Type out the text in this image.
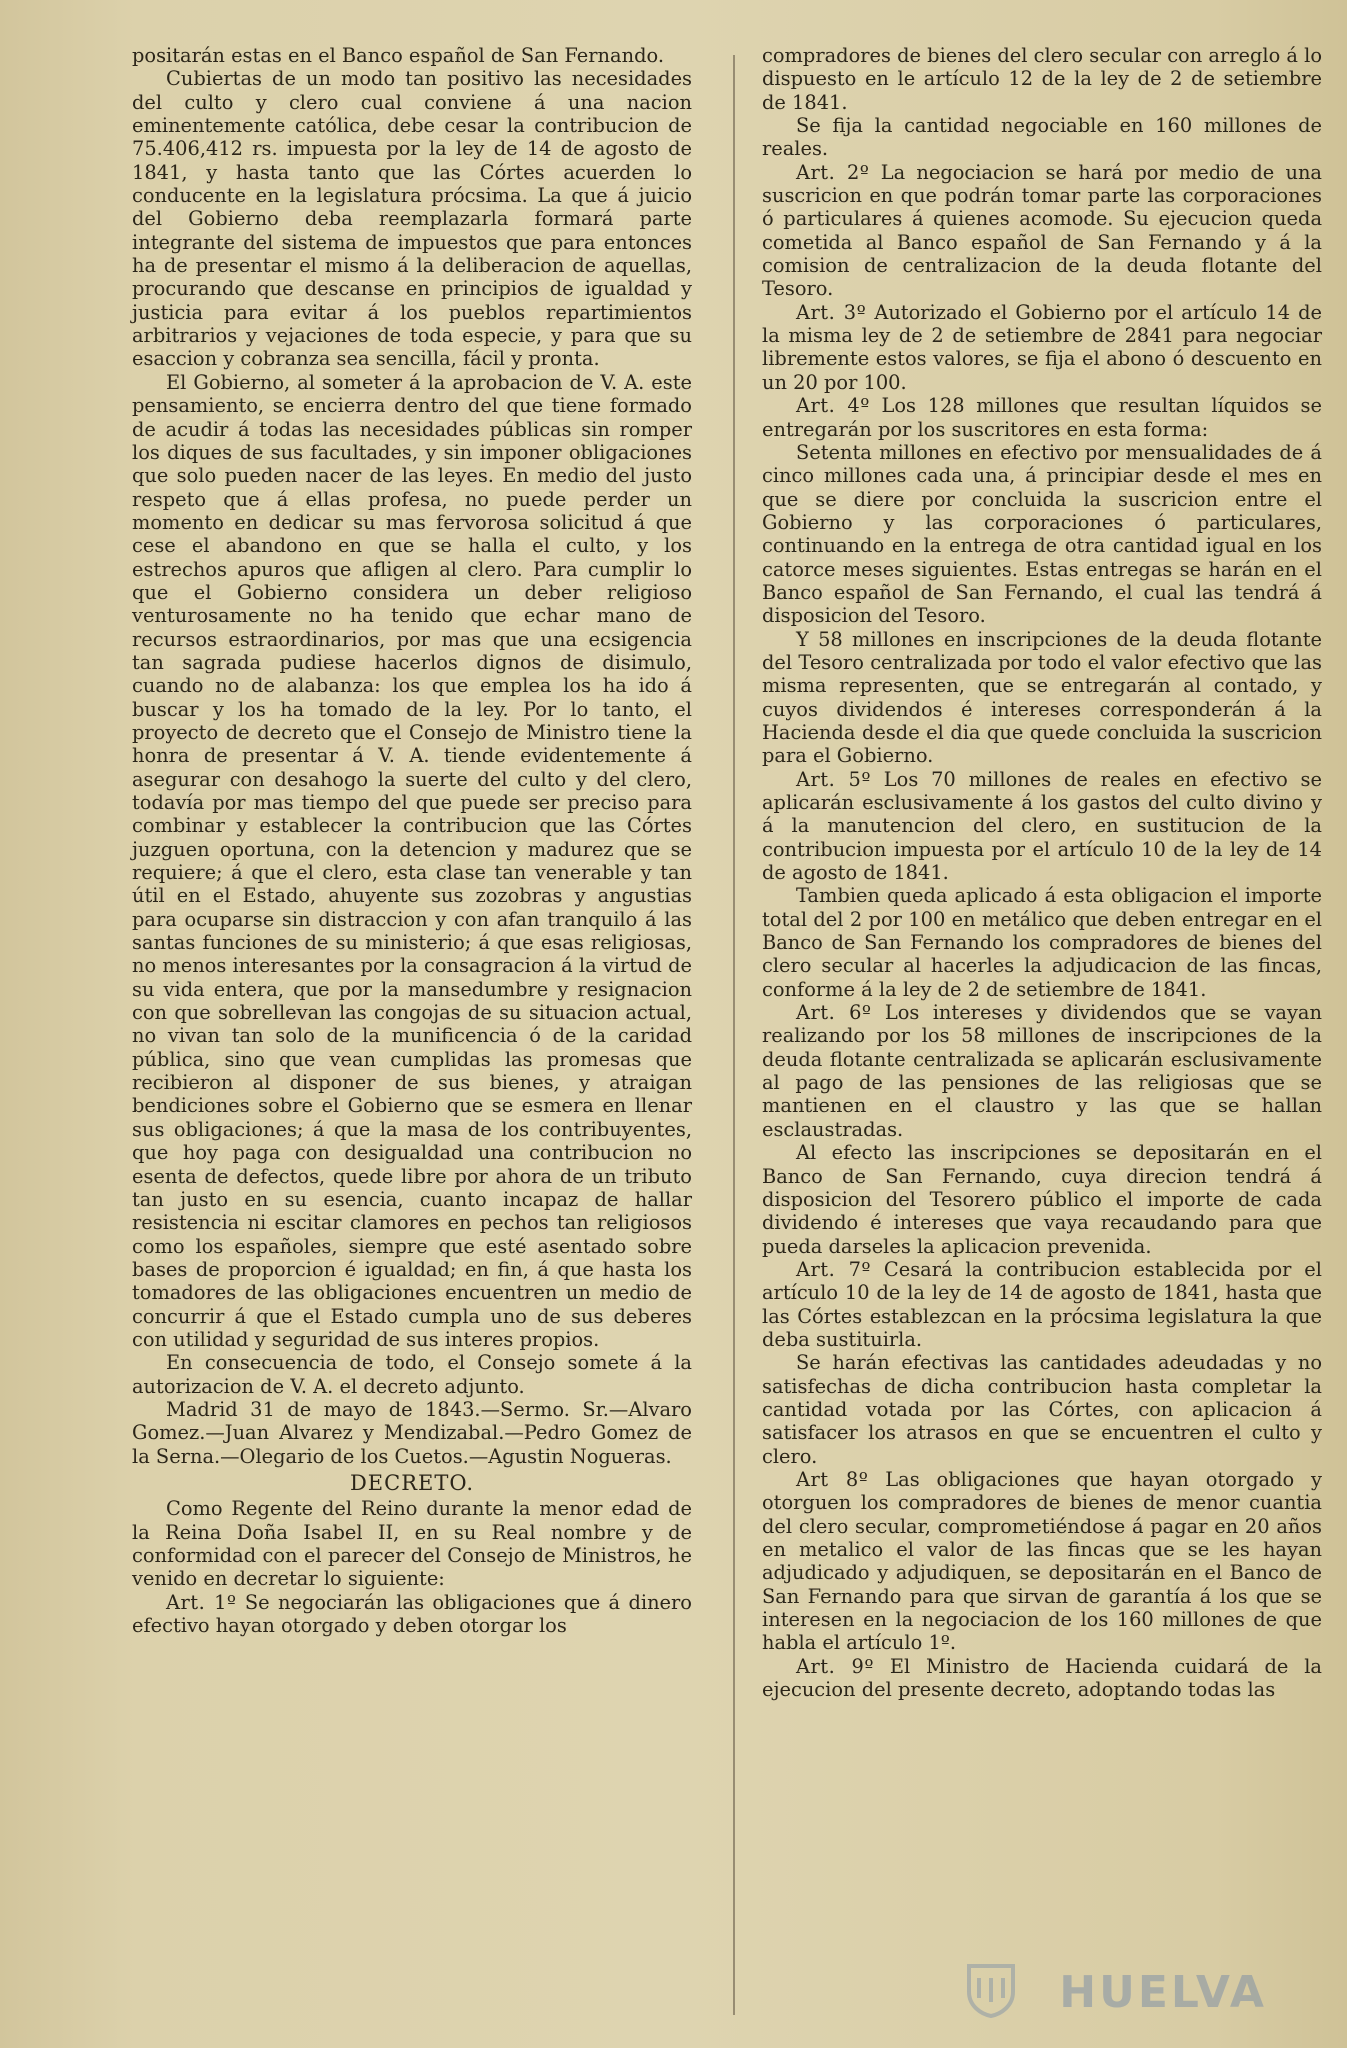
positarán estas en el Banco español de San Fernando.

Cubiertas de un modo tan positivo las necesidades del culto y clero cual conviene á una nacion eminentemente católica, debe cesar la contribucion de 75.406,412 rs. impuesta por la ley de 14 de agosto de 1841, y hasta tanto que las Córtes acuerden lo conducente en la legislatura prócsima. La que á juicio del Gobierno deba reemplazarla formará parte integrante del sistema de impuestos que para entonces ha de presentar el mismo á la deliberacion de aquellas, procurando que descanse en principios de igualdad y justicia para evitar á los pueblos repartimientos arbitrarios y vejaciones de toda especie, y para que su esaccion y cobranza sea sencilla, fácil y pronta.

El Gobierno, al someter á la aprobacion de V. A. este pensamiento, se encierra dentro del que tiene formado de acudir á todas las necesidades públicas sin romper los diques de sus facultades, y sin imponer obligaciones que solo pueden nacer de las leyes. En medio del justo respeto que á ellas profesa, no puede perder un momento en dedicar su mas fervorosa solicitud á que cese el abandono en que se halla el culto, y los estrechos apuros que afligen al clero. Para cumplir lo que el Gobierno considera un deber religioso venturosamente no ha tenido que echar mano de recursos estraordinarios, por mas que una ecsigencia tan sagrada pudiese hacerlos dignos de disimulo, cuando no de alabanza: los que emplea los ha ido á buscar y los ha tomado de la ley. Por lo tanto, el proyecto de decreto que el Consejo de Ministro tiene la honra de presentar á V. A. tiende evidentemente á asegurar con desahogo la suerte del culto y del clero, todavía por mas tiempo del que puede ser preciso para combinar y establecer la contribucion que las Córtes juzguen oportuna, con la detencion y madurez que se requiere; á que el clero, esta clase tan venerable y tan útil en el Estado, ahuyente sus zozobras y angustias para ocuparse sin distraccion y con afan tranquilo á las santas funciones de su ministerio; á que esas religiosas, no menos interesantes por la consagracion á la virtud de su vida entera, que por la mansedumbre y resignacion con que sobrellevan las congojas de su situacion actual, no vivan tan solo de la munificencia ó de la caridad pública, sino que vean cumplidas las promesas que recibieron al disponer de sus bienes, y atraigan bendiciones sobre el Gobierno que se esmera en llenar sus obligaciones; á que la masa de los contribuyentes, que hoy paga con desigualdad una contribucion no esenta de defectos, quede libre por ahora de un tributo tan justo en su esencia, cuanto incapaz de hallar resistencia ni escitar clamores en pechos tan religiosos como los españoles, siempre que esté asentado sobre bases de proporcion é igualdad; en fin, á que hasta los tomadores de las obligaciones encuentren un medio de concurrir á que el Estado cumpla uno de sus deberes con utilidad y seguridad de sus interes propios.

En consecuencia de todo, el Consejo somete á la autorizacion de V. A. el decreto adjunto.

Madrid 31 de mayo de 1843.—Sermo. Sr.—Alvaro Gomez.—Juan Alvarez y Mendizabal.—Pedro Gomez de la Serna.—Olegario de los Cuetos.—Agustin Nogueras.

DECRETO.

Como Regente del Reino durante la menor edad de la Reina Doña Isabel II, en su Real nombre y de conformidad con el parecer del Consejo de Ministros, he venido en decretar lo siguiente:

Art. 1º Se negociarán las obligaciones que á dinero efectivo hayan otorgado y deben otorgar los

compradores de bienes del clero secular con arreglo á lo dispuesto en le artículo 12 de la ley de 2 de setiembre de 1841.

Se fija la cantidad negociable en 160 millones de reales.

Art. 2º La negociacion se hará por medio de una suscricion en que podrán tomar parte las corporaciones ó particulares á quienes acomode. Su ejecucion queda cometida al Banco español de San Fernando y á la comision de centralizacion de la deuda flotante del Tesoro.

Art. 3º Autorizado el Gobierno por el artículo 14 de la misma ley de 2 de setiembre de 2841 para negociar libremente estos valores, se fija el abono ó descuento en un 20 por 100.

Art. 4º Los 128 millones que resultan líquidos se entregarán por los suscritores en esta forma:

Setenta millones en efectivo por mensualidades de á cinco millones cada una, á principiar desde el mes en que se diere por concluida la suscricion entre el Gobierno y las corporaciones ó particulares, continuando en la entrega de otra cantidad igual en los catorce meses siguientes. Estas entregas se harán en el Banco español de San Fernando, el cual las tendrá á disposicion del Tesoro.

Y 58 millones en inscripciones de la deuda flotante del Tesoro centralizada por todo el valor efectivo que las misma representen, que se entregarán al contado, y cuyos dividendos é intereses corresponderán á la Hacienda desde el dia que quede concluida la suscricion para el Gobierno.

Art. 5º Los 70 millones de reales en efectivo se aplicarán esclusivamente á los gastos del culto divino y á la manutencion del clero, en sustitucion de la contribucion impuesta por el artículo 10 de la ley de 14 de agosto de 1841.

Tambien queda aplicado á esta obligacion el importe total del 2 por 100 en metálico que deben entregar en el Banco de San Fernando los compradores de bienes del clero secular al hacerles la adjudicacion de las fincas, conforme á la ley de 2 de setiembre de 1841.

Art. 6º Los intereses y dividendos que se vayan realizando por los 58 millones de inscripciones de la deuda flotante centralizada se aplicarán esclusivamente al pago de las pensiones de las religiosas que se mantienen en el claustro y las que se hallan esclaustradas.

Al efecto las inscripciones se depositarán en el Banco de San Fernando, cuya direcion tendrá á disposicion del Tesorero público el importe de cada dividendo é intereses que vaya recaudando para que pueda darseles la aplicacion prevenida.

Art. 7º Cesará la contribucion establecida por el artículo 10 de la ley de 14 de agosto de 1841, hasta que las Córtes establezcan en la prócsima legislatura la que deba sustituirla.

Se harán efectivas las cantidades adeudadas y no satisfechas de dicha contribucion hasta completar la cantidad votada por las Córtes, con aplicacion á satisfacer los atrasos en que se encuentren el culto y clero.

Art 8º Las obligaciones que hayan otorgado y otorguen los compradores de bienes de menor cuantia del clero secular, comprometiéndose á pagar en 20 años en metalico el valor de las fincas que se les hayan adjudicado y adjudiquen, se depositarán en el Banco de San Fernando para que sirvan de garantía á los que se interesen en la negociacion de los 160 millones de que habla el artículo 1º.

Art. 9º El Ministro de Hacienda cuidará de la ejecucion del presente decreto, adoptando todas las

HUELVA
